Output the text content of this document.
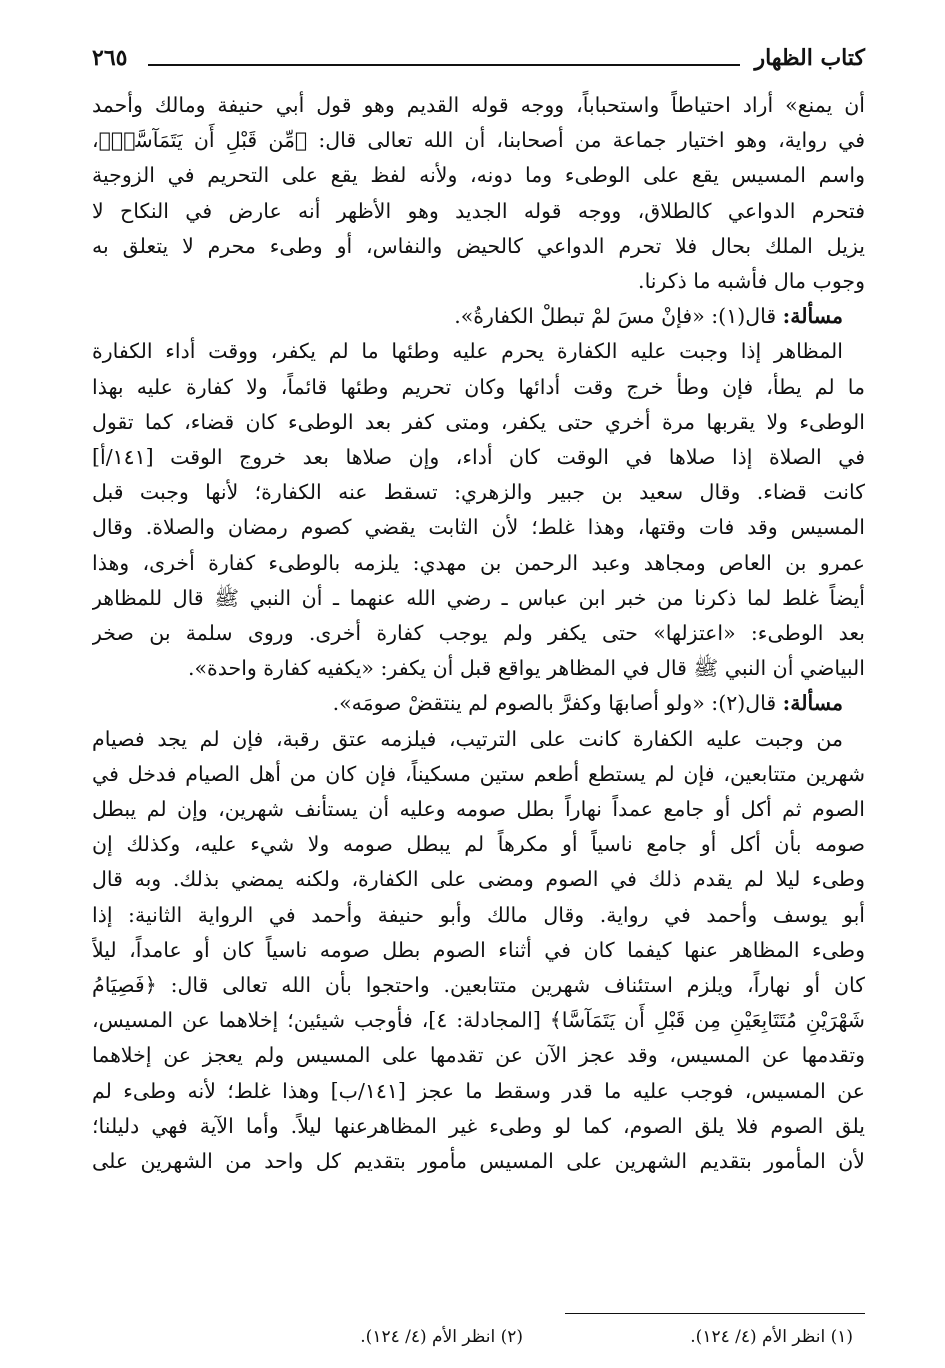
كتاب الظهار
٢٦٥
أن يمنع» أراد احتياطاً واستحباباً، ووجه قوله القديم وهو قول أبي حنيفة ومالك وأحمد
في رواية، وهو اختيار جماعة من أصحابنا، أن الله تعالى قال: ﴿مِّن قَبْلِ أَن يَتَمَآسَّاۚ﴾،
واسم المسيس يقع على الوطىء وما دونه، ولأنه لفظ يقع على التحريم في الزوجية
فتحرم الدواعي كالطلاق، ووجه قوله الجديد وهو الأظهر أنه عارض في النكاح لا
يزيل الملك بحال فلا تحرم الدواعي كالحيض والنفاس، أو وطىء محرم لا يتعلق به
وجوب مال فأشبه ما ذكرنا.
مسألة: قال(١): «فإنْ مسَ لمْ تبطلْ الكفارةُ».
المظاهر إذا وجبت عليه الكفارة يحرم عليه وطئها ما لم يكفر، ووقت أداء الكفارة
ما لم يطأ، فإن وطأ خرج وقت أدائها وكان تحريم وطئها قائماً، ولا كفارة عليه بهذا
الوطىء ولا يقربها مرة أخري حتى يكفر، ومتى كفر بعد الوطىء كان قضاء، كما تقول
في الصلاة إذا صلاها في الوقت كان أداء، وإن صلاها بعد خروج الوقت [١٤١/أ]
كانت قضاء. وقال سعيد بن جبير والزهري: تسقط عنه الكفارة؛ لأنها وجبت قبل
المسيس وقد فات وقتها، وهذا غلط؛ لأن الثابت يقضي كصوم رمضان والصلاة. وقال
عمرو بن العاص ومجاهد وعبد الرحمن بن مهدي: يلزمه بالوطىء كفارة أخرى، وهذا
أيضاً غلط لما ذكرنا من خبر ابن عباس ـ رضي الله عنهما ـ أن النبي ﷺ قال للمظاهر
بعد الوطىء: «اعتزلها» حتى يكفر ولم يوجب كفارة أخرى. وروى سلمة بن صخر
البياضي أن النبي ﷺ قال في المظاهر يواقع قبل أن يكفر: «يكفيه كفارة واحدة».
مسألة: قال(٢): «ولو أصابهَا وكفرَّ بالصوم لم ينتقضْ صومَه».
من وجبت عليه الكفارة كانت على الترتيب، فيلزمه عتق رقبة، فإن لم يجد فصيام
شهرين متتابعين، فإن لم يستطع أطعم ستين مسكيناً، فإن كان من أهل الصيام فدخل في
الصوم ثم أكل أو جامع عمداً نهاراً بطل صومه وعليه أن يستأنف شهرين، وإن لم يبطل
صومه بأن أكل أو جامع ناسياً أو مكرهاً لم يبطل صومه ولا شيء عليه، وكذلك إن
وطىء ليلا لم يقدم ذلك في الصوم ومضى على الكفارة، ولكنه يمضي بذلك. وبه قال
أبو يوسف وأحمد في رواية. وقال مالك وأبو حنيفة وأحمد في الرواية الثانية: إذا
وطىء المظاهر عنها كيفما كان في أثناء الصوم بطل صومه ناسياً كان أو عامداً، ليلاً
كان أو نهاراً، ويلزم استئناف شهرين متتابعين. واحتجوا بأن الله تعالى قال: ﴿فَصِيَامُ
شَهْرَيْنِ مُتَتَابِعَيْنِ مِن قَبْلِ أَن يَتَمَآسَّا﴾ [المجادلة: ٤]، فأوجب شيئين؛ إخلاهما عن المسيس،
وتقدمها عن المسيس، وقد عجز الآن عن تقدمها على المسيس ولم يعجز عن إخلاهما
عن المسيس، فوجب عليه ما قدر وسقط ما عجز [١٤١/ب] وهذا غلط؛ لأنه وطىء لم
يلق الصوم فلا يلق الصوم، كما لو وطىء غير المظاهرعنها ليلاً. وأما الآية فهي دليلنا؛
لأن المأمور بتقديم الشهرين على المسيس مأمور بتقديم كل واحد من الشهرين على
(١) انظر الأم (٤/ ١٢٤).
(٢) انظر الأم (٤/ ١٢٤).
